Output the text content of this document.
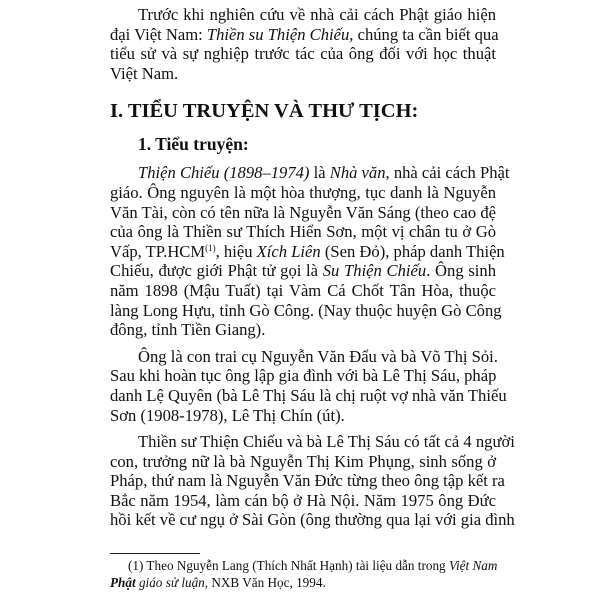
Trước khi nghiên cứu về nhà cải cách Phật giáo hiện
đại Việt Nam: Thiền su Thiện Chiếu, chúng ta cần biết qua
tiểu sử và sự nghiệp trước tác của ông đối với học thuật
Việt Nam.
I. TIỂU TRUYỆN VÀ THƯ TỊCH:
1. Tiểu truyện:
Thiện Chiếu (1898–1974) là Nhà văn, nhà cải cách Phật
giáo. Ông nguyên là một hòa thượng, tục danh là Nguyễn
Văn Tài, còn có tên nữa là Nguyễn Văn Sáng (theo cao đệ
của ông là Thiền sư Thích Hiển Sơn, một vị chân tu ở Gò
Vấp, TP.HCM$^{(1)}$, hiệu Xích Liên (Sen Đỏ), pháp danh Thiện
Chiếu, được giới Phật tử gọi là Su Thiện Chiếu. Ông sinh
năm 1898 (Mậu Tuất) tại Vàm Cá Chốt Tân Hòa, thuộc
làng Long Hựu, tỉnh Gò Công. (Nay thuộc huyện Gò Công
đông, tỉnh Tiền Giang).
Ông là con trai cụ Nguyễn Văn Đẩu và bà Võ Thị Sỏi.
Sau khi hoàn tục ông lập gia đình với bà Lê Thị Sáu, pháp
danh Lệ Quyên (bà Lê Thị Sáu là chị ruột vợ nhà văn Thiếu
Sơn (1908-1978), Lê Thị Chín (út).
Thiền sư Thiện Chiếu và bà Lê Thị Sáu có tất cả 4 người
con, trưởng nữ là bà Nguyễn Thị Kim Phụng, sinh sống ở
Pháp, thứ nam là Nguyễn Văn Đức từng theo ông tập kết ra
Bắc năm 1954, làm cán bộ ở Hà Nội. Năm 1975 ông Đức
hồi kết về cư ngụ ở Sài Gòn (ông thường qua lại với gia đình
(1) Theo Nguyễn Lang (Thích Nhất Hạnh) tài liệu dẫn trong Việt Nam
Phật giáo sử luận, NXB Văn Học, 1994.
